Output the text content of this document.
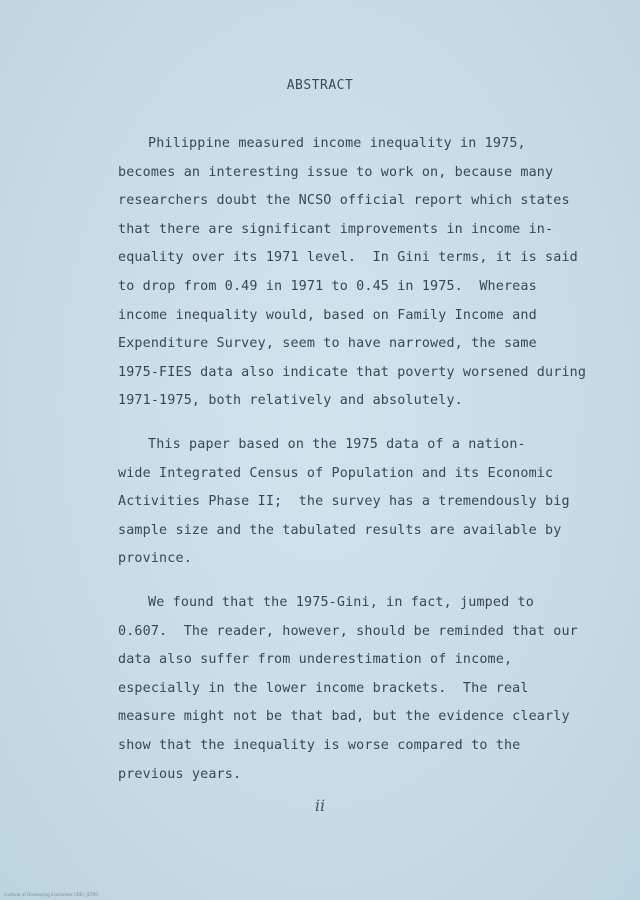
ABSTRACT
Philippine measured income inequality in 1975,
becomes an interesting issue to work on, because many
researchers doubt the NCSO official report which states
that there are significant improvements in income in-
equality over its 1971 level.  In Gini terms, it is said
to drop from 0.49 in 1971 to 0.45 in 1975.  Whereas
income inequality would, based on Family Income and
Expenditure Survey, seem to have narrowed, the same
1975-FIES data also indicate that poverty worsened during
1971-1975, both relatively and absolutely.
This paper based on the 1975 data of a nation-
wide Integrated Census of Population and its Economic
Activities Phase II;  the survey has a tremendously big
sample size and the tabulated results are available by
province.
We found that the 1975-Gini, in fact, jumped to
0.607.  The reader, however, should be reminded that our
data also suffer from underestimation of income,
especially in the lower income brackets.  The real
measure might not be that bad, but the evidence clearly
show that the inequality is worse compared to the
previous years.
ii
Institute of Developing Economies (IDE), JETRO
